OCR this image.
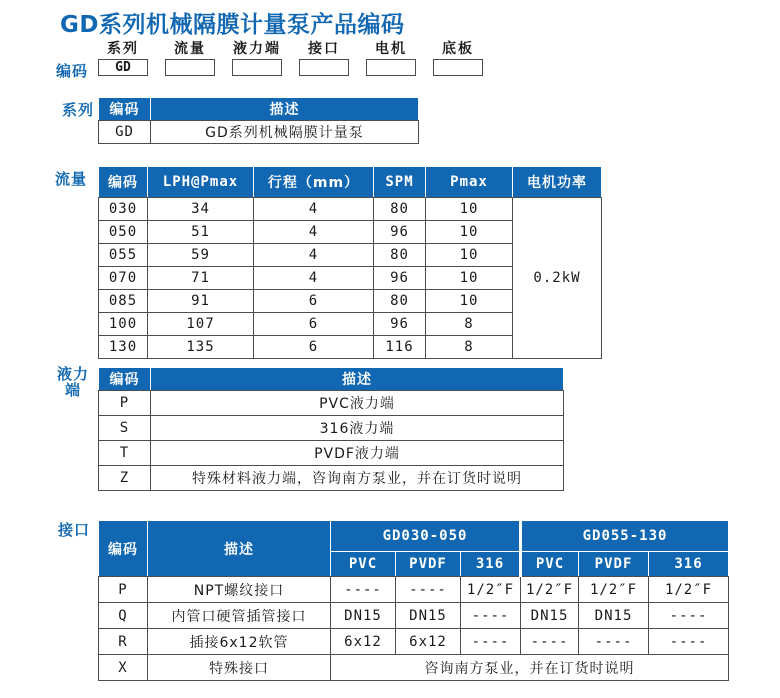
GD系列机械隔膜计量泵产品编码
系列	流量	液力端	接口	电机	底板
编码	GD
系列 编码	描述
GD	GD系列机械隔膜计量泵
流量 编码	LPH@Pmax	行程（mm）	SPM	Pmax	电机功率
030	34	4	80	10	0.2kW
050	51	4	96	10	
055	59	4	80	10	
070	71	4	96	10	
085	91	6	80	10	
100	107	6	96	8	
130	135	6	116	8	
液力
端
编码	描述
P	PVC液力端
S	316液力端
T	PVDF液力端
Z	特殊材料液力端，咨询南方泵业，并在订货时说明
接口
编码	描述	GD030-050			GD055-130		
		PVC	PVDF	316	PVC	PVDF	316
P	NPT螺纹接口	----	----	1/2″F	1/2″F	1/2″F	1/2″F
Q	内管口硬管插管接口	DN15	DN15	----	DN15	DN15	----
R	插接6x12软管	6x12	6x12	----	----	----	----
X	特殊接口	咨询南方泵业，并在订货时说明					
